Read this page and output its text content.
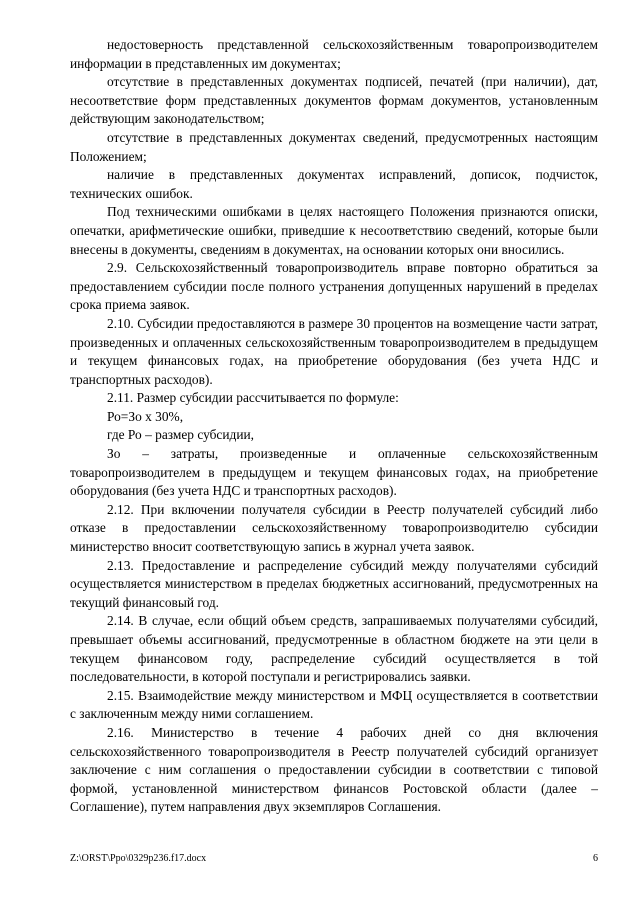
недостоверность представленной сельскохозяйственным товаропроизводителем информации в представленных им документах;

отсутствие в представленных документах подписей, печатей (при наличии), дат, несоответствие форм представленных документов формам документов, установленным действующим законодательством;

отсутствие в представленных документах сведений, предусмотренных настоящим Положением;

наличие в представленных документах исправлений, дописок, подчисток, технических ошибок.

Под техническими ошибками в целях настоящего Положения признаются описки, опечатки, арифметические ошибки, приведшие к несоответствию сведений, которые были внесены в документы, сведениям в документах, на основании которых они вносились.

2.9. Сельскохозяйственный товаропроизводитель вправе повторно обратиться за предоставлением субсидии после полного устранения допущенных нарушений в пределах срока приема заявок.

2.10. Субсидии предоставляются в размере 30 процентов на возмещение части затрат, произведенных и оплаченных сельскохозяйственным товаропроизводителем в предыдущем и текущем финансовых годах, на приобретение оборудования (без учета НДС и транспортных расходов).

2.11. Размер субсидии рассчитывается по формуле:

Ро=Зо х 30%,

где Ро – размер субсидии,

Зо – затраты, произведенные и оплаченные сельскохозяйственным товаропроизводителем в предыдущем и текущем финансовых годах, на приобретение оборудования (без учета НДС и транспортных расходов).

2.12. При включении получателя субсидии в Реестр получателей субсидий либо отказе в предоставлении сельскохозяйственному товаропроизводителю субсидии министерство вносит соответствующую запись в журнал учета заявок.

2.13. Предоставление и распределение субсидий между получателями субсидий осуществляется министерством в пределах бюджетных ассигнований, предусмотренных на текущий финансовый год.

2.14. В случае, если общий объем средств, запрашиваемых получателями субсидий, превышает объемы ассигнований, предусмотренные в областном бюджете на эти цели в текущем финансовом году, распределение субсидий осуществляется в той последовательности, в которой поступали и регистрировались заявки.

2.15. Взаимодействие между министерством и МФЦ осуществляется в соответствии с заключенным между ними соглашением.

2.16. Министерство в течение 4 рабочих дней со дня включения сельскохозяйственного товаропроизводителя в Реестр получателей субсидий организует заключение с ним соглашения о предоставлении субсидии в соответствии с типовой формой, установленной министерством финансов Ростовской области (далее – Соглашение), путем направления двух экземпляров Соглашения.

Z:\ORST\Ppo\0329p236.f17.docx	6
